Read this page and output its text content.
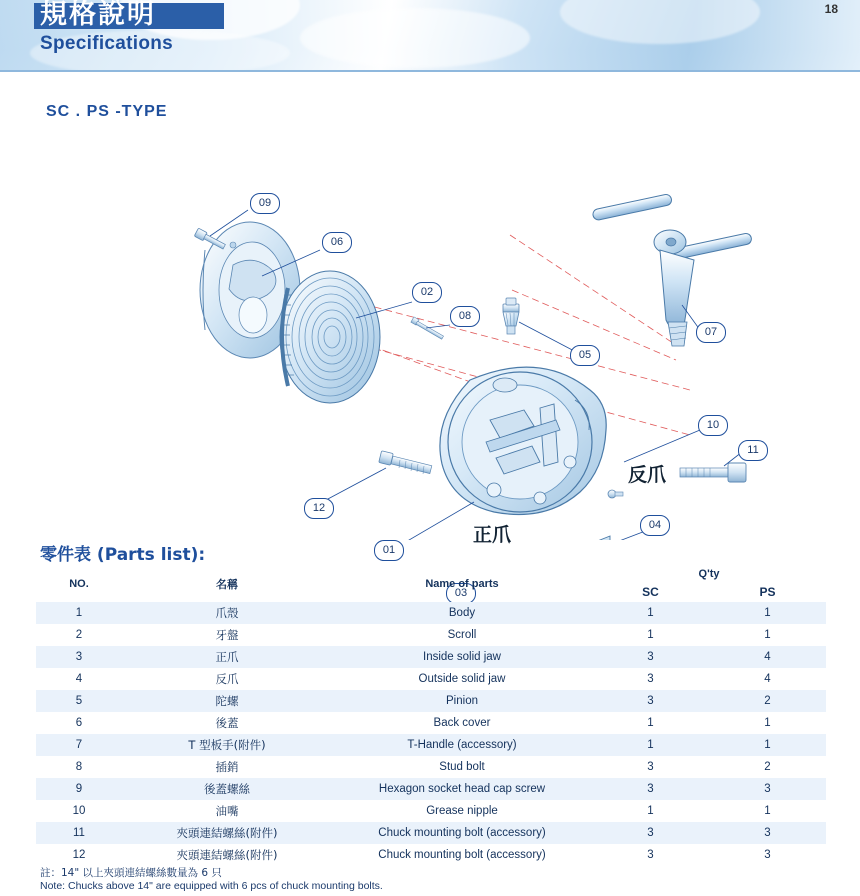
規格說明
Specifications
18
SC . PS -TYPE
09
06
02
08
05
07
10
11
12
01
03
04
正爪
反爪
零件表 (Parts list):
NO.	名稱	Name of parts	Q'ty	
			SC	PS
1	爪殼	Body	1	1
2	牙盤	Scroll	1	1
3	正爪	Inside solid jaw	3	4
4	反爪	Outside solid jaw	3	4
5	陀螺	Pinion	3	2
6	後蓋	Back cover	1	1
7	T 型板手(附件)	T-Handle (accessory)	1	1
8	插銷	Stud bolt	3	2
9	後蓋螺絲	Hexagon socket head cap screw	3	3
10	油嘴	Grease nipple	1	1
11	夾頭連結螺絲(附件)	Chuck mounting bolt (accessory)	3	3
12	夾頭連結螺絲(附件)	Chuck mounting bolt (accessory)	3	3
註：14" 以上夾頭連結螺絲數量為 6 只
Note: Chucks above 14" are equipped with 6 pcs of chuck mounting bolts.
